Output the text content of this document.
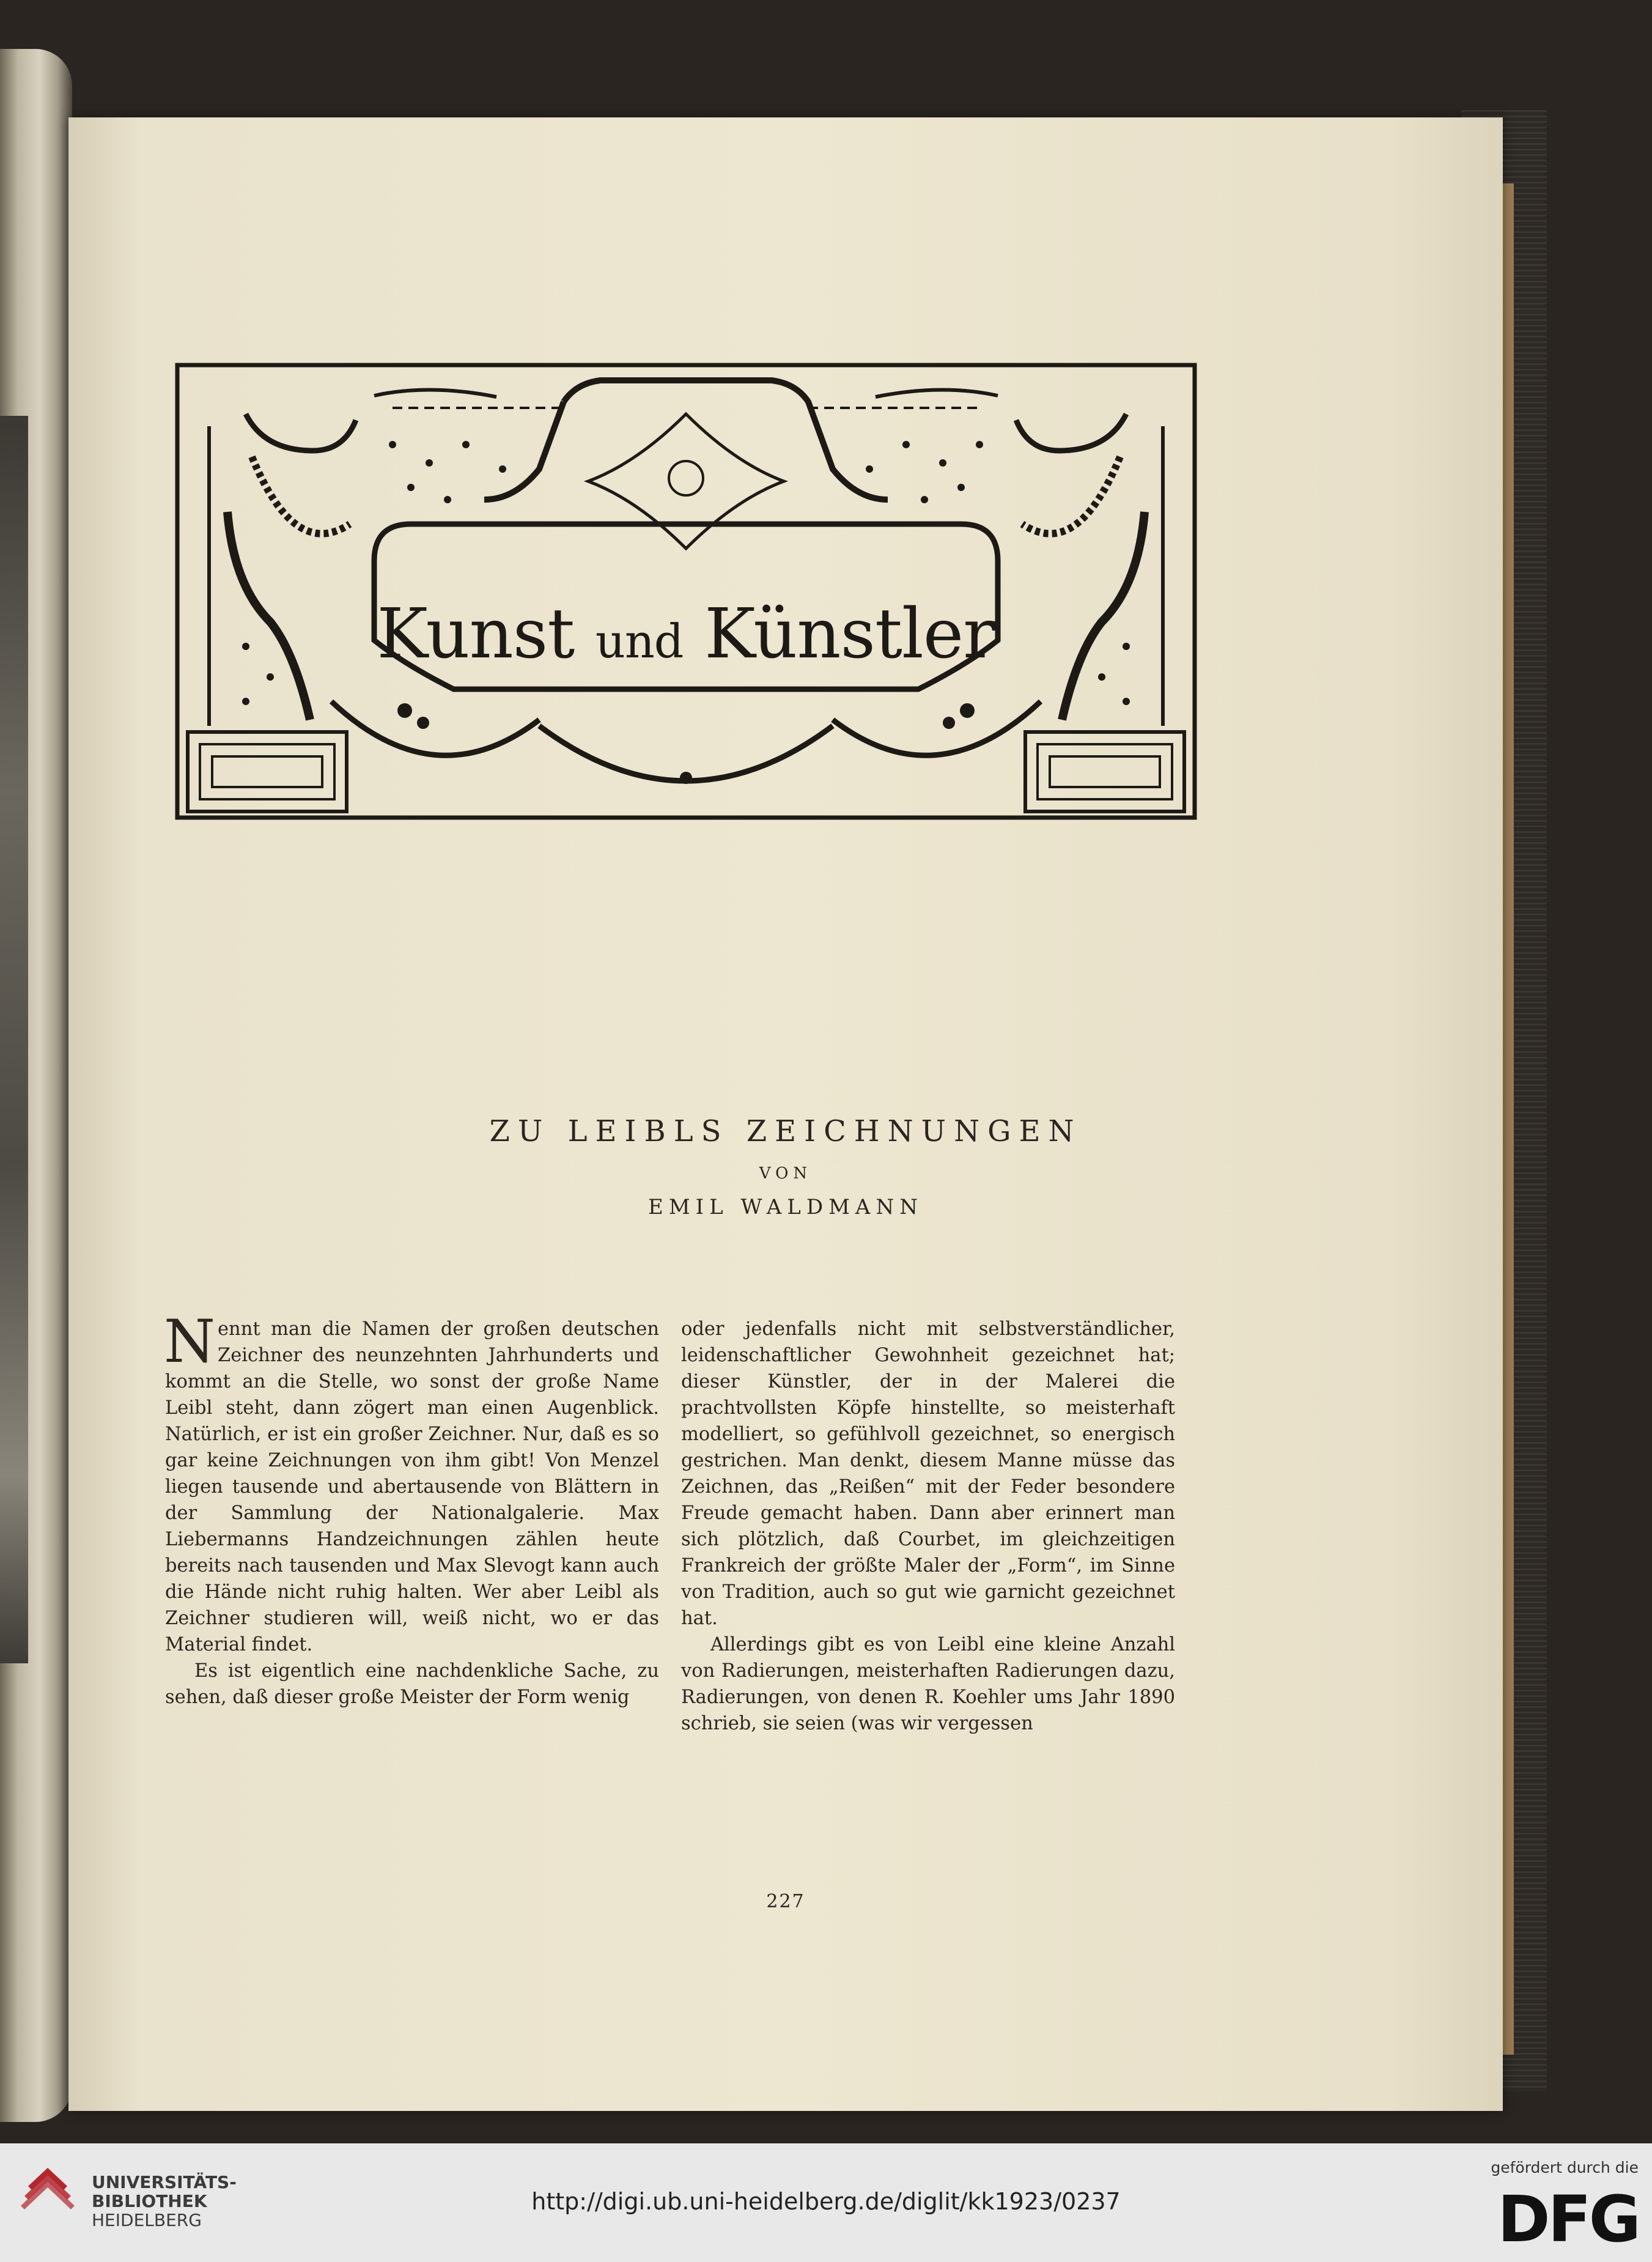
Kunst und Künstler
ZU LEIBLS ZEICHNUNGEN
VON
EMIL WALDMANN

Nennt man die Namen der großen deutschen Zeichner des neunzehnten Jahrhunderts und kommt an die Stelle, wo sonst der große Name Leibl steht, dann zögert man einen Augenblick. Natürlich, er ist ein großer Zeichner. Nur, daß es so gar keine Zeichnungen von ihm gibt! Von Menzel liegen tausende und abertausende von Blättern in der Sammlung der Nationalgalerie. Max Liebermanns Handzeichnungen zählen heute bereits nach tausenden und Max Slevogt kann auch die Hände nicht ruhig halten. Wer aber Leibl als Zeichner studieren will, weiß nicht, wo er das Material findet.

Es ist eigentlich eine nachdenkliche Sache, zu sehen, daß dieser große Meister der Form wenig

oder jedenfalls nicht mit selbstverständlicher, leidenschaftlicher Gewohnheit gezeichnet hat; dieser Künstler, der in der Malerei die prachtvollsten Köpfe hinstellte, so meisterhaft modelliert, so gefühlvoll gezeichnet, so energisch gestrichen. Man denkt, diesem Manne müsse das Zeichnen, das „Reißen“ mit der Feder besondere Freude gemacht haben. Dann aber erinnert man sich plötzlich, daß Courbet, im gleichzeitigen Frankreich der größte Maler der „Form“, im Sinne von Tradition, auch so gut wie garnicht gezeichnet hat.

Allerdings gibt es von Leibl eine kleine Anzahl von Radierungen, meisterhaften Radierungen dazu, Radierungen, von denen R. Koehler ums Jahr 1890 schrieb, sie seien (was wir vergessen

227
UNIVERSITÄTS-
BIBLIOTHEK
HEIDELBERG
http://digi.ub.uni-heidelberg.de/diglit/kk1923/0237
gefördert durch die
DFG
